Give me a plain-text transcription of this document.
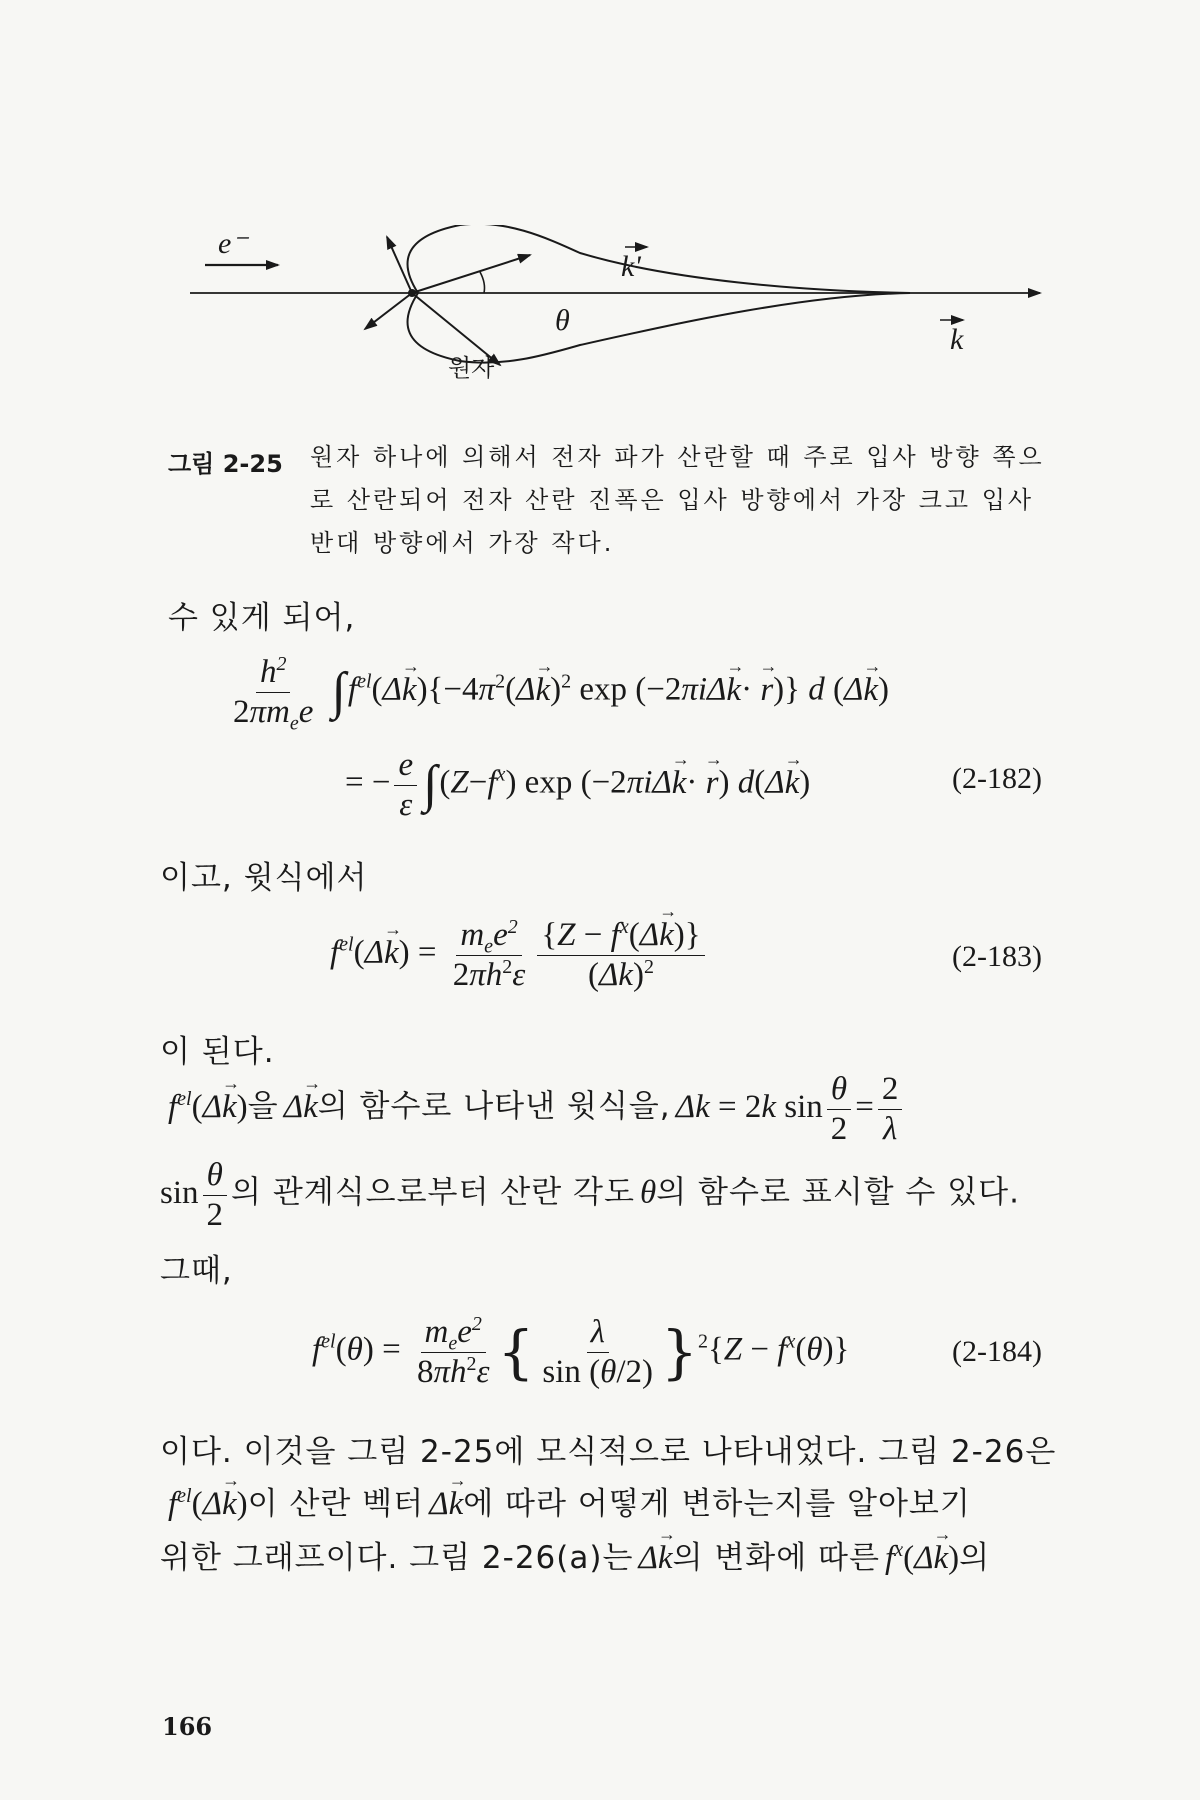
e⁻
k'
θ
원자
k
그림 2-25 원자 하나에 의해서 전자 파가 산란할 때 주로 입사 방향 쪽으
로 산란되어 전자 산란 진폭은 입사 방향에서 가장 크고 입사
반대 방향에서 가장 작다.
수 있게 되어,
$\frac{h^2}{2\pi m_ee} \int f^{el}(\Delta\to k)\{-4\pi^2(\Delta\to k)^2$ exp (−2πiΔ→ k· → r)} d (Δ→ k)
= − $\frac{e}{\varepsilon} \int(Z-f^x)$ exp (−2πiΔ→ k· → r) d(Δ→ k)	(2-182)
이고, 윗식에서
$f^{el}(\Delta\to k) = \frac{m_ee^2}{2\pi h^2\varepsilon} \frac{\{Z - f^x(\Delta\to k)\}}{(\Delta k)^2}$	(2-183)
이 된다.
$f^{el}(\Delta\to k)$을 Δ→ k의 함수로 나타낸 윗식을, Δk = 2k $\sin \frac{\theta}{2} = \frac{2}{\lambda}$
$\sin \frac{\theta}{2}$ 의 관계식으로부터 산란 각도 θ의 함수로 표시할 수 있다.
그때,
$f^{el}(\theta) = \frac{m_ee^2}{8\pi h^2\varepsilon}$ { $\frac{\lambda}{\sin (\theta/2)} \}^2\{Z - f^x(\theta)\}$	(2-184)
이다. 이것을 그림 2-25에 모식적으로 나타내었다. 그림 2-26은
$f^{el}(\Delta\to k)$이 산란 벡터 Δ→ k에 따라 어떻게 변하는지를 알아보기
위한 그래프이다. 그림 2-26(a)는 Δ→ k의 변화에 따른 $f^x(\Delta\to k)$의
166
